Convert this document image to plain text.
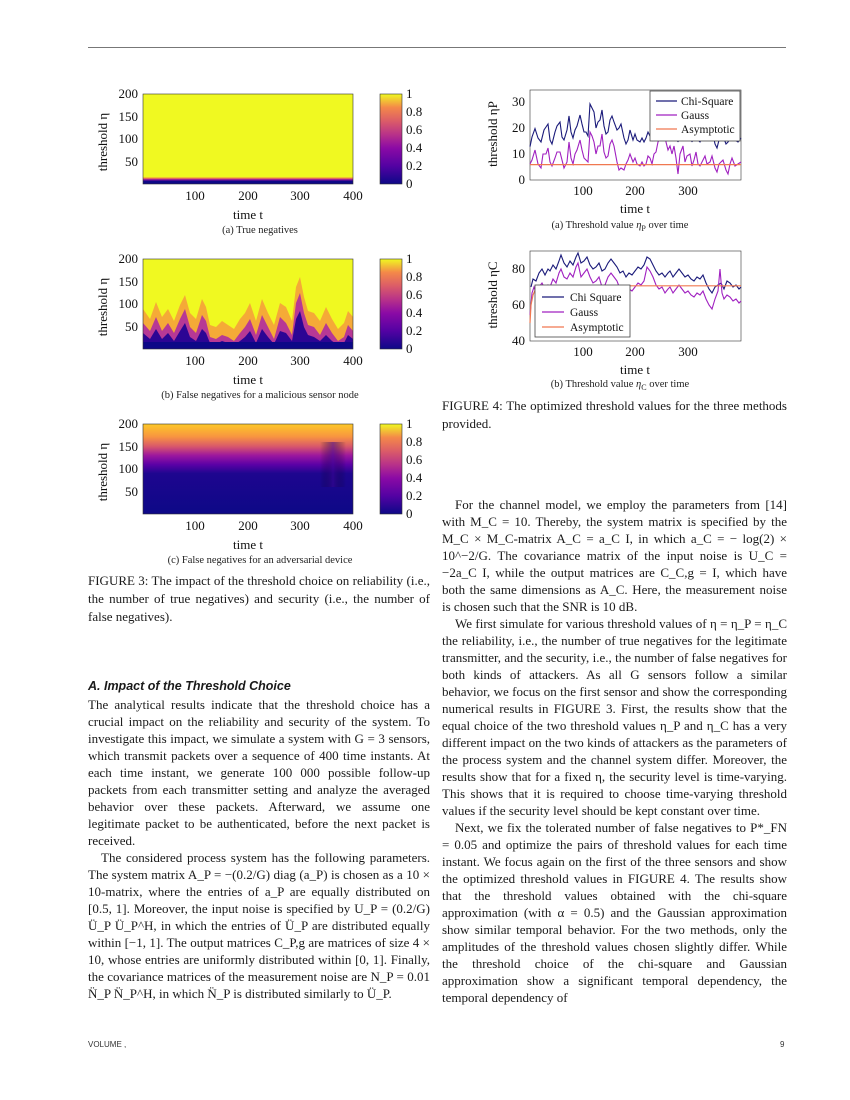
200
150
100
50
100	200	300	400
time t
threshold η
1
0.8
0.6
0.4
0.2
0
(a) True negatives
200
150
100
50
100	200	300	400
time t
threshold η
1
0.8
0.6
0.4
0.2
0
(b) False negatives for a malicious sensor node
200
150
100
50
100	200	300	400
time t
threshold η
1
0.8
0.6
0.4
0.2
0
(c) False negatives for an adversarial device
FIGURE 3: The impact of the threshold choice on reliability (i.e., the number of true negatives) and security (i.e., the number of false negatives).
Chi-Square
Gauss
Asymptotic
30
20
10
0
100	200	300
time t
threshold ηP
(a) Threshold value $\eta_P$ over time
Chi Square
Gauss
Asymptotic
80
60
40
100	200	300
time t
threshold ηC
(b) Threshold value $\eta_C$ over time
FIGURE 4: The optimized threshold values for the three methods provided.
A. Impact of the Threshold Choice

The analytical results indicate that the threshold choice has a crucial impact on the reliability and security of the system. To investigate this impact, we simulate a system with G = 3 sensors, which transmit packets over a sequence of 400 time instants. At each time instant, we generate 100 000 possible follow-up packets from each transmitter setting and analyze the averaged behavior over these packets. Afterward, we assume one legitimate packet to be authenticated, before the next packet is received.

The considered process system has the following parameters. The system matrix A_P = −(0.2/G) diag (a_P) is chosen as a 10 × 10-matrix, where the entries of a_P are equally distributed on [0.5, 1]. Moreover, the input noise is specified by U_P = (0.2/G) Ü_P Ü_P^H, in which the entries of Ü_P are distributed equally within [−1, 1]. The output matrices C_P,g are matrices of size 4 × 10, whose entries are uniformly distributed within [0, 1]. Finally, the covariance matrices of the measurement noise are N_P = 0.01 N̈_P N̈_P^H, in which N̈_P is distributed similarly to Ü_P.

For the channel model, we employ the parameters from [14] with M_C = 10. Thereby, the system matrix is specified by the M_C × M_C-matrix A_C = a_C I, in which a_C = − log(2) × 10^−2/G. The covariance matrix of the input noise is U_C = −2a_C I, while the output matrices are C_C,g = I, which have both the same dimensions as A_C. Here, the measurement noise is chosen such that the SNR is 10 dB.

We first simulate for various threshold values of η = η_P = η_C the reliability, i.e., the number of true negatives for the legitimate transmitter, and the security, i.e., the number of false negatives for both kinds of attackers. As all G sensors follow a similar behavior, we focus on the first sensor and show the corresponding numerical results in FIGURE 3. First, the results show that the equal choice of the two threshold values η_P and η_C has a very different impact on the two kinds of attackers as the parameters of the process system and the channel system differ. Moreover, the results show that for a fixed η, the security level is time-varying. This shows that it is required to choose time-varying threshold values if the security level should be kept constant over time.

Next, we fix the tolerated number of false negatives to P*_FN = 0.05 and optimize the pairs of threshold values for each time instant. We focus again on the first of the three sensors and show the optimized threshold values in FIGURE 4. The results show that the threshold values obtained with the chi-square approximation (with α = 0.5) and the Gaussian approximation show similar temporal behavior. For the two methods, only the amplitudes of the threshold values chosen slightly differ. While the threshold choice of the chi-square and Gaussian approximation show a significant temporal dependency, the temporal dependency of

VOLUME ,	9
